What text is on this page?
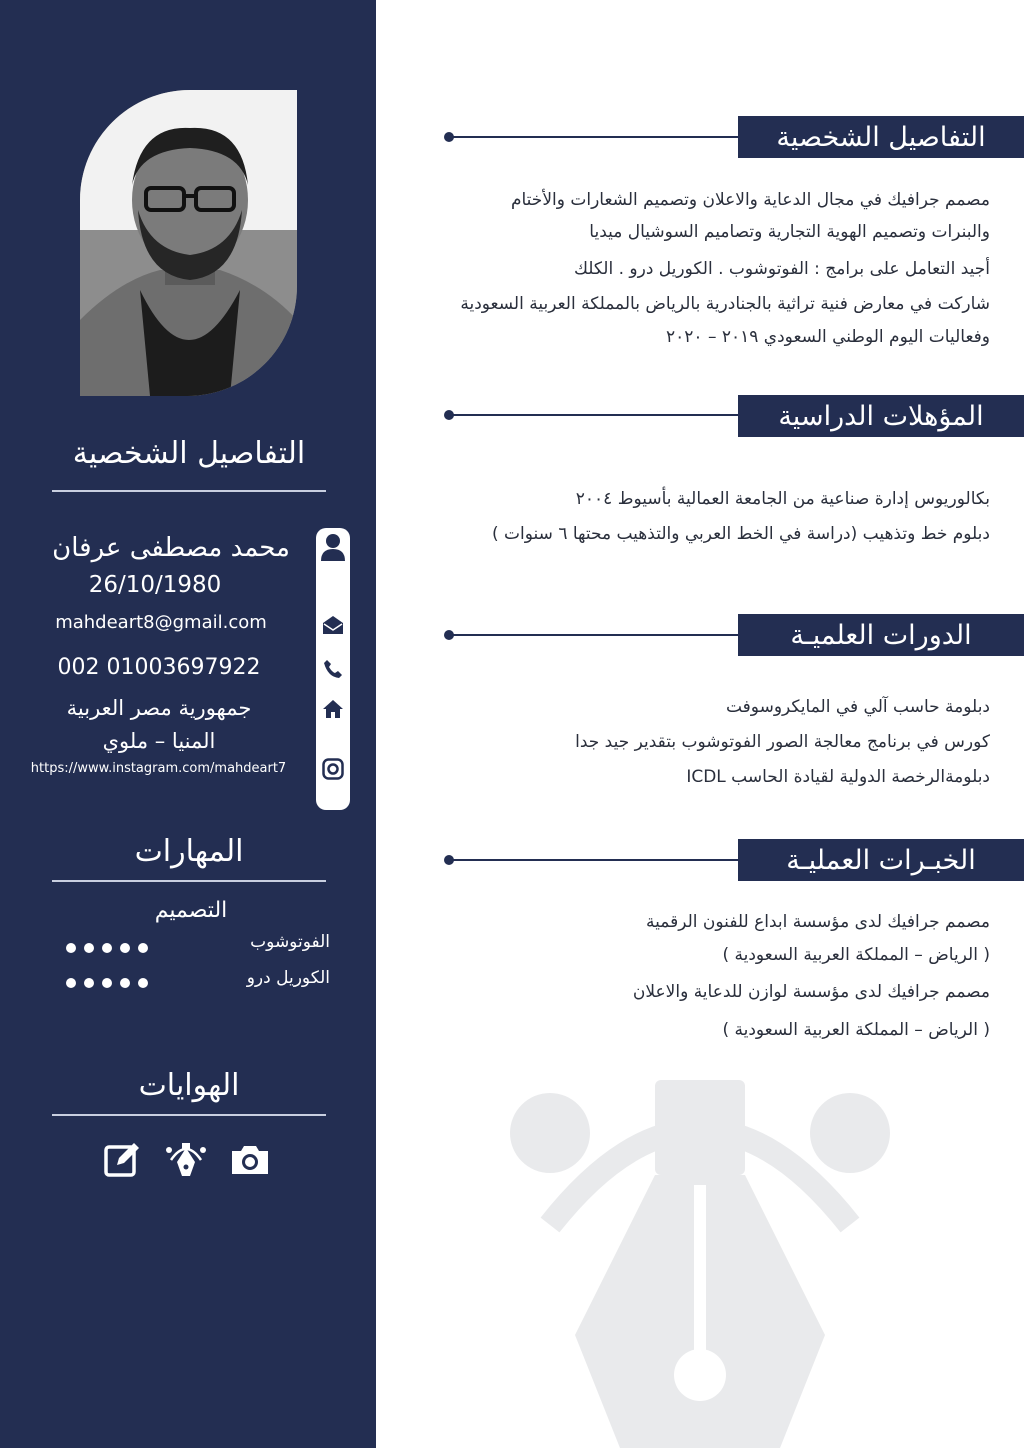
التفاصيل الشخصية
محمد مصطفى عرفان
26/10/1980
mahdeart8@gmail.com
002 01003697922
جمهورية مصر العربية
المنيا – ملوي
https://www.instagram.com/mahdeart7
المهارات
التصميم
الفوتوشوب
الكوريل درو
الهوايات
التفاصيل الشخصية
مصمم جرافيك في مجال الدعاية والاعلان وتصميم الشعارات والأختام
والبنرات وتصميم الهوية التجارية وتصاميم السوشيال ميديا
أجيد التعامل على برامج : الفوتوشوب . الكوريل درو . الكلك
شاركت في معارض فنية تراثية بالجنادرية بالرياض بالمملكة العربية السعودية
وفعاليات اليوم الوطني السعودي ٢٠١٩ – ٢٠٢٠
المؤهلات الدراسية
بكالوريوس إدارة صناعية من الجامعة العمالية بأسيوط ٢٠٠٤
دبلوم خط وتذهيب (دراسة في الخط العربي والتذهيب محتها ٦ سنوات )
الدورات العلميـة
دبلومة حاسب آلي في المايكروسوفت
كورس في برنامج معالجة الصور الفوتوشوب بتقدير جيد جدا
دبلومةالرخصة الدولية لقيادة الحاسب ICDL
الخبـرات العمليـة
مصمم جرافيك لدى مؤسسة ابداع للفنون الرقمية
( الرياض – المملكة العربية السعودية )
مصمم جرافيك لدى مؤسسة لوازن للدعاية والاعلان
( الرياض – المملكة العربية السعودية )
